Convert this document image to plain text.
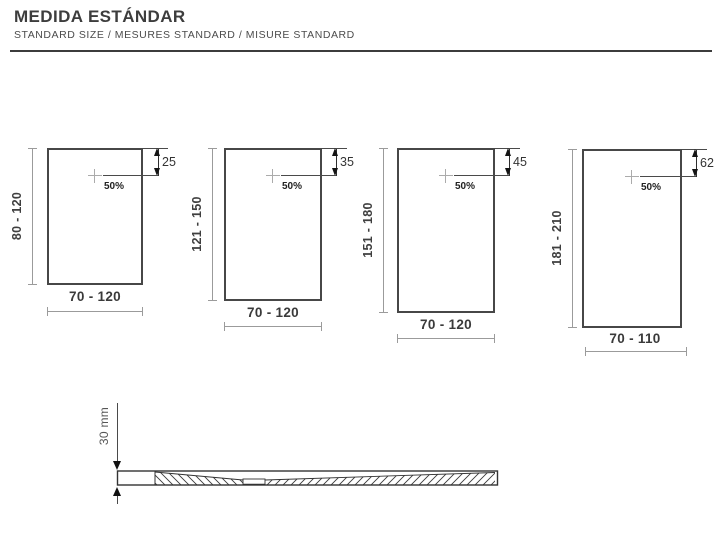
MEDIDA ESTÁNDAR
STANDARD SIZE / MESURES STANDARD / MISURE STANDARD
80 - 120
70 - 120
25
50%
121 - 150
70 - 120
35
50%
151 - 180
70 - 120
45
50%
181 - 210
70 - 110
62
50%
30 mm
